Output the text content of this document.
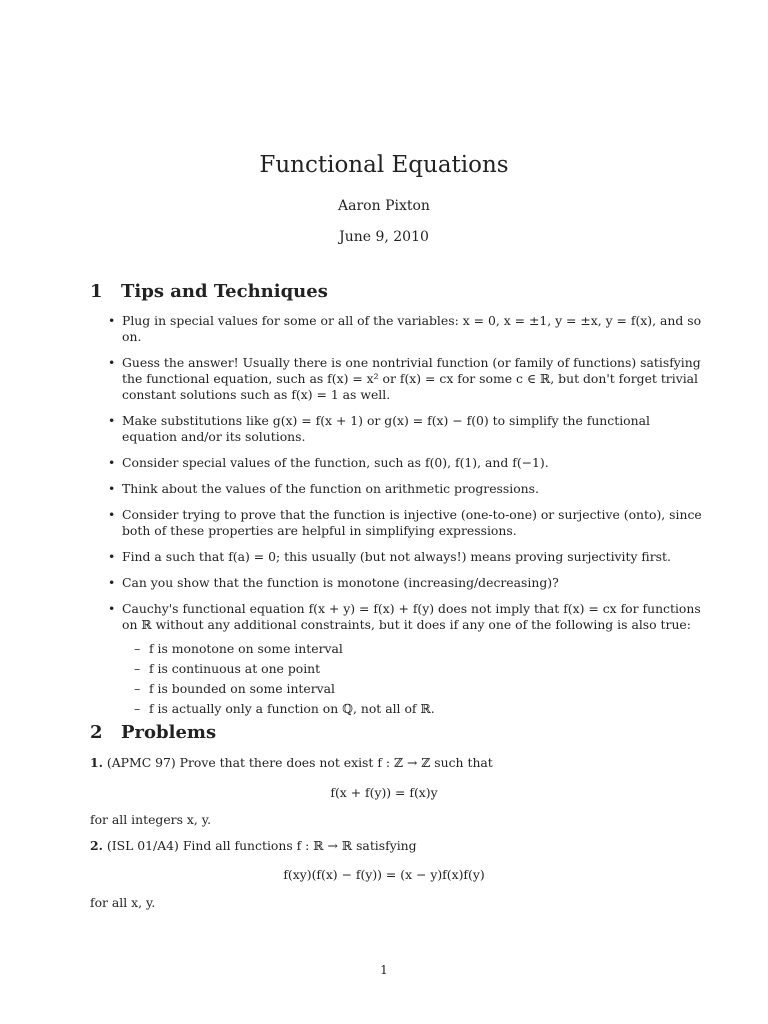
Functional Equations
Aaron Pixton
June 9, 2010
1 Tips and Techniques
• Plug in special values for some or all of the variables: x = 0, x = ±1, y = ±x, y = f(x), and so on.
• Guess the answer! Usually there is one nontrivial function (or family of functions) satisfying the functional equation, such as f(x) = x² or f(x) = cx for some c ∈ ℝ, but don't forget trivial constant solutions such as f(x) = 1 as well.
• Make substitutions like g(x) = f(x + 1) or g(x) = f(x) − f(0) to simplify the functional equation and/or its solutions.
• Consider special values of the function, such as f(0), f(1), and f(−1).
• Think about the values of the function on arithmetic progressions.
• Consider trying to prove that the function is injective (one-to-one) or surjective (onto), since both of these properties are helpful in simplifying expressions.
• Find a such that f(a) = 0; this usually (but not always!) means proving surjectivity first.
• Can you show that the function is monotone (increasing/decreasing)?
• Cauchy's functional equation f(x + y) = f(x) + f(y) does not imply that f(x) = cx for functions on ℝ without any additional constraints, but it does if any one of the following is also true:
– f is monotone on some interval
– f is continuous at one point
– f is bounded on some interval
– f is actually only a function on ℚ, not all of ℝ.
2 Problems
1. (APMC 97) Prove that there does not exist f : ℤ → ℤ such that
f(x + f(y)) = f(x)y
for all integers x, y.
2. (ISL 01/A4) Find all functions f : ℝ → ℝ satisfying
f(xy)(f(x) − f(y)) = (x − y)f(x)f(y)
for all x, y.
1
